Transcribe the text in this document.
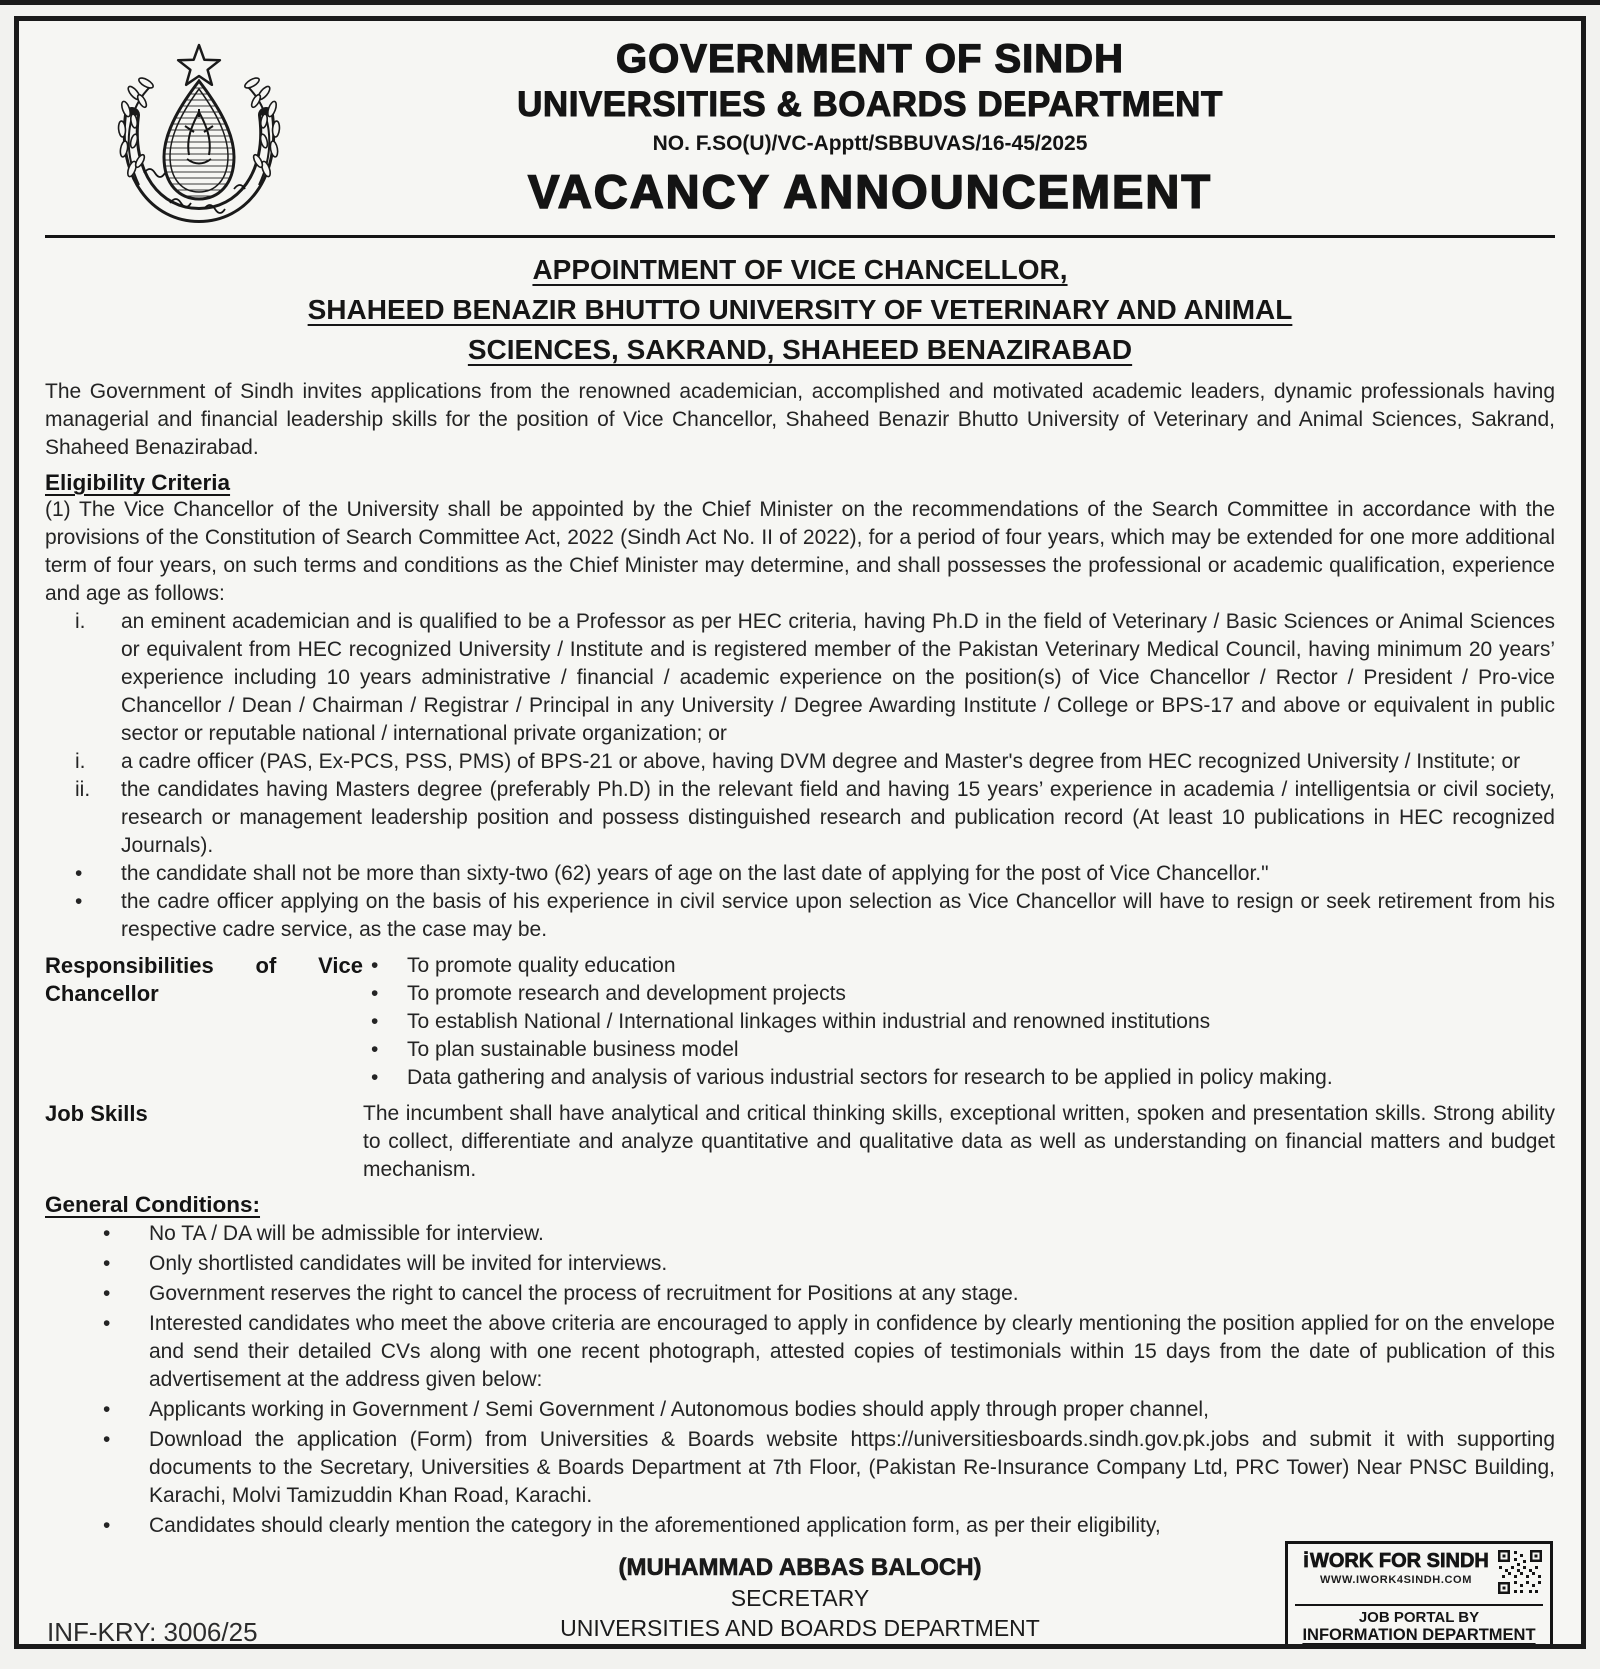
GOVERNMENT OF SINDH
UNIVERSITIES & BOARDS DEPARTMENT
NO. F.SO(U)/VC-Apptt/SBBUVAS/16-45/2025
VACANCY ANNOUNCEMENT
APPOINTMENT OF VICE CHANCELLOR,
SHAHEED BENAZIR BHUTTO UNIVERSITY OF VETERINARY AND ANIMAL
SCIENCES, SAKRAND, SHAHEED BENAZIRABAD
The Government of Sindh invites applications from the renowned academician, accomplished and motivated academic leaders, dynamic professionals having managerial and financial leadership skills for the position of Vice Chancellor, Shaheed Benazir Bhutto University of Veterinary and Animal Sciences, Sakrand, Shaheed Benazirabad.
Eligibility Criteria
(1) The Vice Chancellor of the University shall be appointed by the Chief Minister on the recommendations of the Search Committee in accordance with the provisions of the Constitution of Search Committee Act, 2022 (Sindh Act No. II of 2022), for a period of four years, which may be extended for one more additional term of four years, on such terms and conditions as the Chief Minister may determine, and shall possesses the professional or academic qualification, experience and age as follows:
i.	an eminent academician and is qualified to be a Professor as per HEC criteria, having Ph.D in the field of Veterinary / Basic Sciences or Animal Sciences or equivalent from HEC recognized University / Institute and is registered member of the Pakistan Veterinary Medical Council, having minimum 20 years’ experience including 10 years administrative / financial / academic experience on the position(s) of Vice Chancellor / Rector / President / Pro-vice Chancellor / Dean / Chairman / Registrar / Principal in any University / Degree Awarding Institute / College or BPS-17 and above or equivalent in public sector or reputable national / international private organization; or
i.	a cadre officer (PAS, Ex-PCS, PSS, PMS) of BPS-21 or above, having DVM degree and Master's degree from HEC recognized University / Institute; or
ii.	the candidates having Masters degree (preferably Ph.D) in the relevant field and having 15 years’ experience in academia / intelligentsia or civil society, research or management leadership position and possess distinguished research and publication record (At least 10 publications in HEC recognized Journals).
•	the candidate shall not be more than sixty-two (62) years of age on the last date of applying for the post of Vice Chancellor."
•	the cadre officer applying on the basis of his experience in civil service upon selection as Vice Chancellor will have to resign or seek retirement from his respective cadre service, as the case may be.
Responsibilities of Vice Chancellor
•	To promote quality education
•	To promote research and development projects
•	To establish National / International linkages within industrial and renowned institutions
•	To plan sustainable business model
•	Data gathering and analysis of various industrial sectors for research to be applied in policy making.
Job Skills	The incumbent shall have analytical and critical thinking skills, exceptional written, spoken and presentation skills. Strong ability to collect, differentiate and analyze quantitative and qualitative data as well as understanding on financial matters and budget mechanism.
General Conditions:
•	No TA / DA will be admissible for interview.
•	Only shortlisted candidates will be invited for interviews.
•	Government reserves the right to cancel the process of recruitment for Positions at any stage.
•	Interested candidates who meet the above criteria are encouraged to apply in confidence by clearly mentioning the position applied for on the envelope and send their detailed CVs along with one recent photograph, attested copies of testimonials within 15 days from the date of publication of this advertisement at the address given below:
•	Applicants working in Government / Semi Government / Autonomous bodies should apply through proper channel,
•	Download the application (Form) from Universities & Boards website https://universitiesboards.sindh.gov.pk.jobs and submit it with supporting documents to the Secretary, Universities & Boards Department at 7th Floor, (Pakistan Re-Insurance Company Ltd, PRC Tower) Near PNSC Building, Karachi, Molvi Tamizuddin Khan Road, Karachi.
•	Candidates should clearly mention the category in the aforementioned application form, as per their eligibility,
(MUHAMMAD ABBAS BALOCH)
SECRETARY
UNIVERSITIES AND BOARDS DEPARTMENT
INF-KRY: 3006/25
iWORK FOR SINDH
WWW.IWORK4SINDH.COM
JOB PORTAL BY
INFORMATION DEPARTMENT
